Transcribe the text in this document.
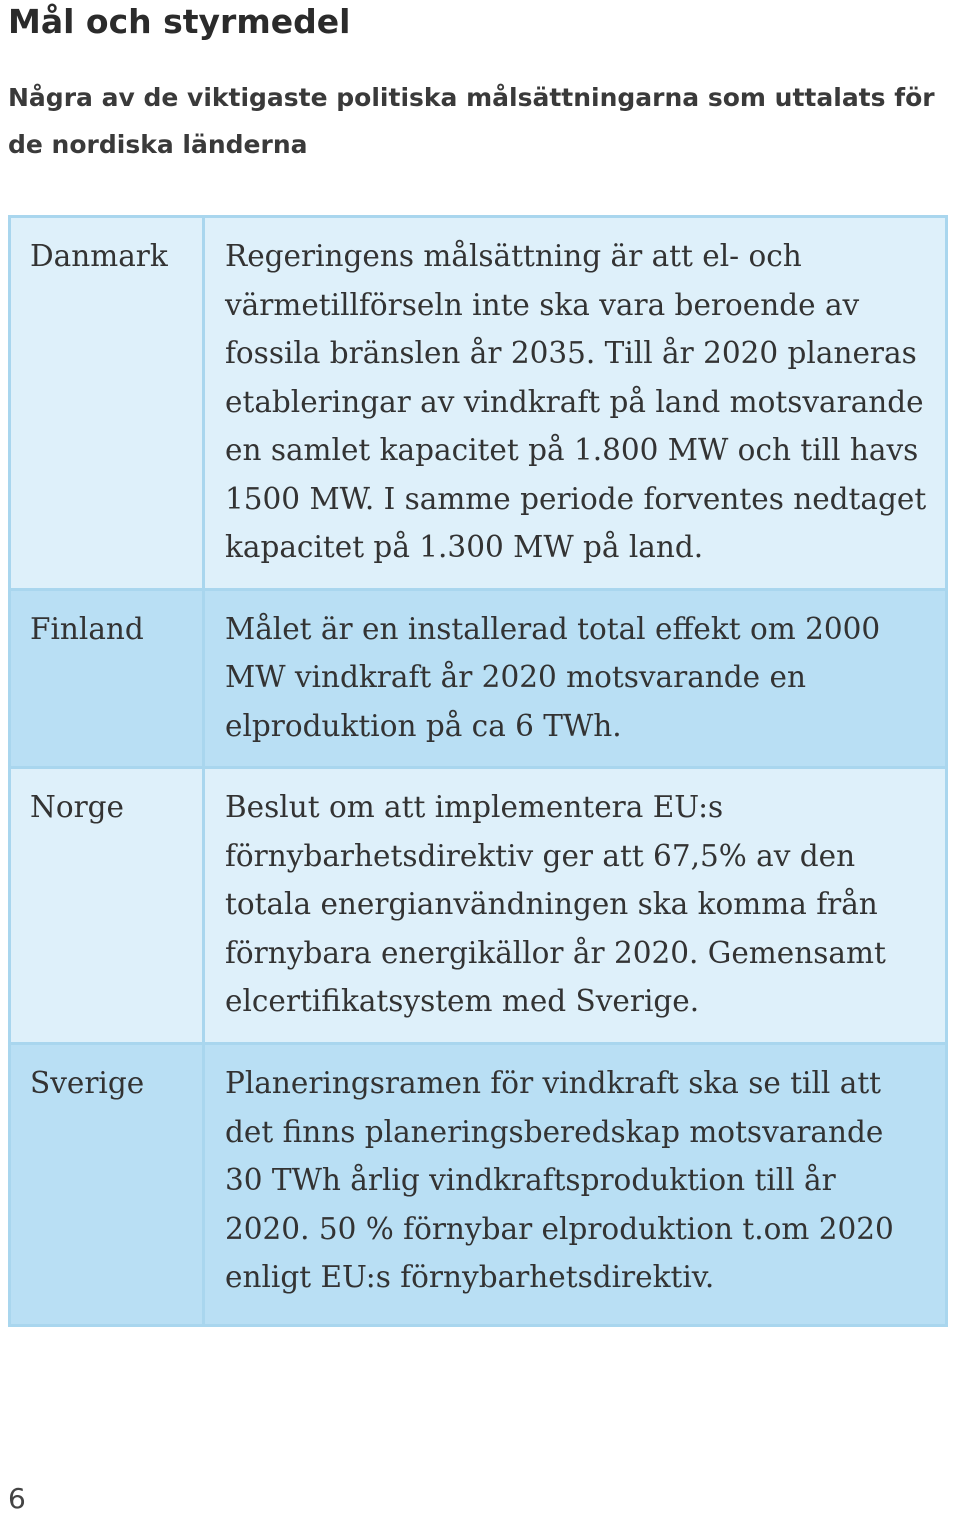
Mål och styrmedel

Några av de viktigaste politiska målsättningarna som uttalats för de nordiska länderna

Danmark	Regeringens målsättning är att el- och värmetillförseln inte ska vara beroende av fossila bränslen år 2035. Till år 2020 planeras etableringar av vindkraft på land motsvarande en samlet kapacitet på 1.800 MW och till havs 1500 MW. I samme periode forventes nedtaget kapacitet på 1.300 MW på land.
Finland	Målet är en installerad total effekt om 2000 MW vindkraft år 2020 motsvarande en elproduktion på ca 6 TWh.
Norge	Beslut om att implementera EU:s förnybarhetsdirektiv ger att 67,5% av den totala energianvändningen ska komma från förnybara energikällor år 2020. Gemensamt elcertifikatsystem med Sverige.
Sverige	Planeringsramen för vindkraft ska se till att det finns planeringsberedskap motsvarande 30 TWh årlig vindkraftsproduktion till år 2020. 50 % förnybar elproduktion t.om 2020 enligt EU:s förnybarhetsdirektiv.
6
